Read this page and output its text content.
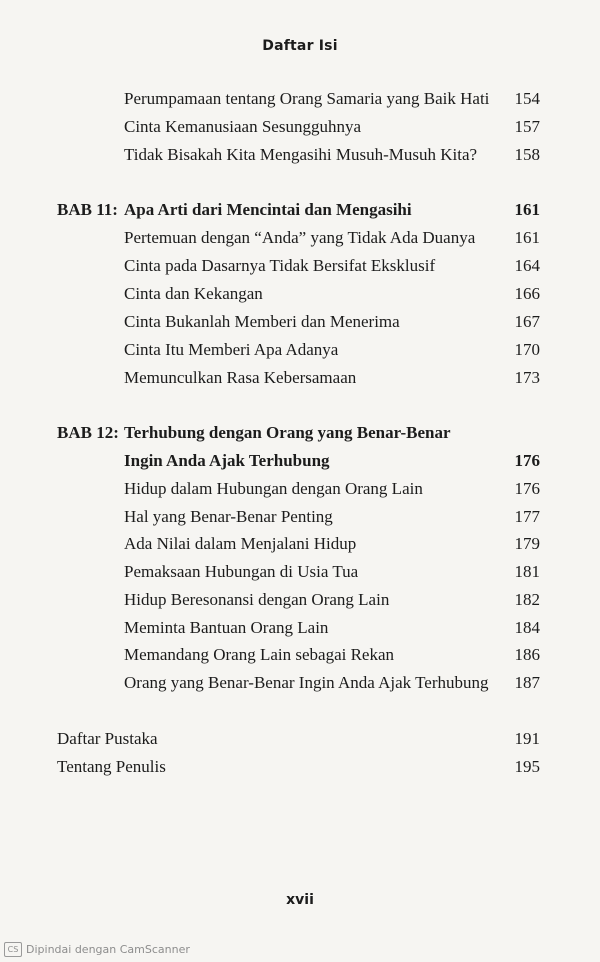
Daftar Isi
Perumpamaan tentang Orang Samaria yang Baik Hati 154
Cinta Kemanusiaan Sesungguhnya	157
Tidak Bisakah Kita Mengasihi Musuh-Musuh Kita? 158
BAB 11: Apa Arti dari Mencintai dan Mengasihi	161
Pertemuan dengan “Anda” yang Tidak Ada Duanya 161
Cinta pada Dasarnya Tidak Bersifat Eksklusif	164
Cinta dan Kekangan	166
Cinta Bukanlah Memberi dan Menerima	167
Cinta Itu Memberi Apa Adanya	170
Memunculkan Rasa Kebersamaan	173
BAB 12: Terhubung dengan Orang yang Benar-Benar
Ingin Anda Ajak Terhubung	176
Hidup dalam Hubungan dengan Orang Lain	176
Hal yang Benar-Benar Penting	177
Ada Nilai dalam Menjalani Hidup	179
Pemaksaan Hubungan di Usia Tua	181
Hidup Beresonansi dengan Orang Lain	182
Meminta Bantuan Orang Lain	184
Memandang Orang Lain sebagai Rekan	186
Orang yang Benar-Benar Ingin Anda Ajak Terhubung 187
Daftar Pustaka	191
Tentang Penulis	195
xvii
CS Dipindai dengan CamScanner
